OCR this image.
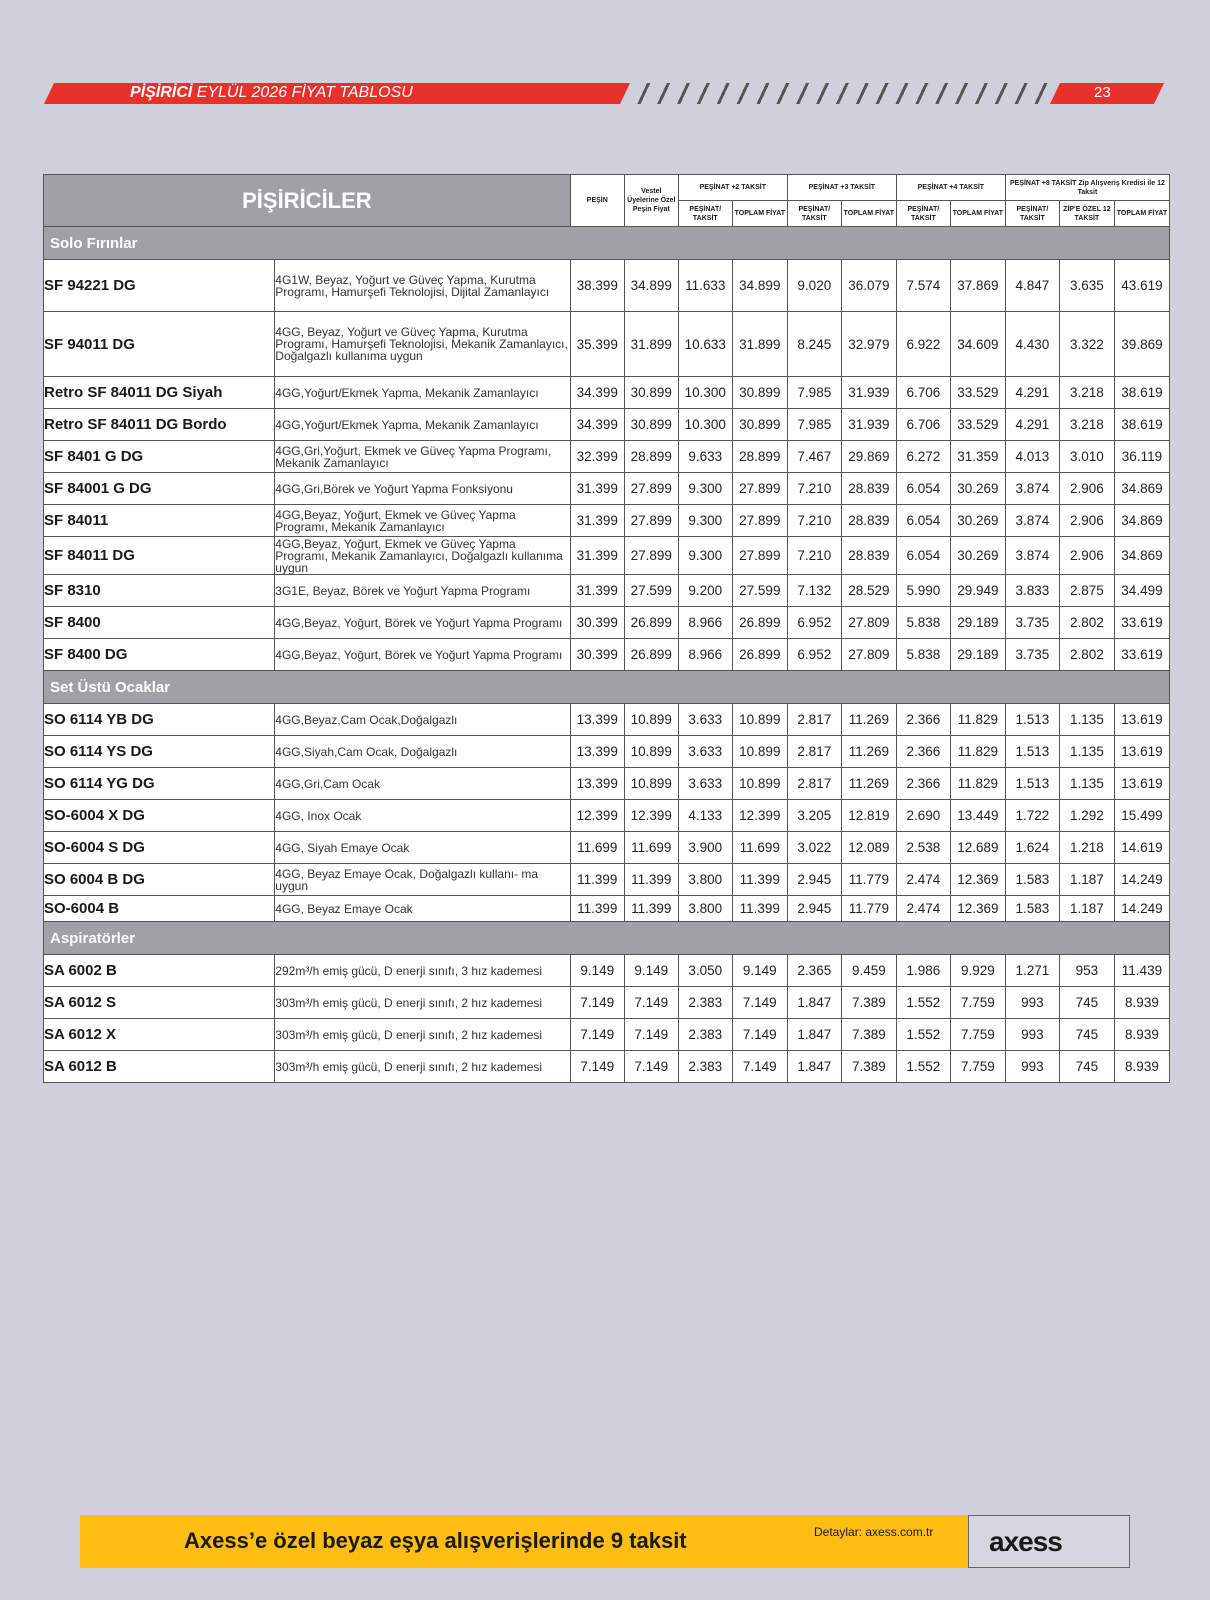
PİŞİRİCİ EYLÜL 2026 FİYAT TABLOSU	23
PİŞİRİCİLER		PEŞİN	Vestel Üyelerine Özel Peşin Fiyat	PEŞİNAT +2 TAKSİT		PEŞİNAT +3 TAKSİT		PEŞİNAT +4 TAKSİT		PEŞİNAT +8 TAKSİT Zip Alışveriş Kredisi ile 12 Taksit		
				PEŞİNAT/ TAKSİT	TOPLAM FİYAT	PEŞİNAT/ TAKSİT	TOPLAM FİYAT	PEŞİNAT/ TAKSİT	TOPLAM FİYAT	PEŞİNAT/ TAKSİT	ZİP'E ÖZEL 12 TAKSİT	TOPLAM FİYAT
Solo Fırınlar												
SF 94221 DG	4G1W, Beyaz, Yoğurt ve Güveç Yapma, Kurutma Programı, Hamurşefi Teknolojisi, Dijital Zamanlayıcı	38.399	34.899	11.633	34.899	9.020	36.079	7.574	37.869	4.847	3.635	43.619
SF 94011 DG	4GG, Beyaz, Yoğurt ve Güveç Yapma, Kurutma Programı, Hamurşefi Teknolojisi, Mekanik Zamanlayıcı, Doğalgazlı kullanıma uygun	35.399	31.899	10.633	31.899	8.245	32.979	6.922	34.609	4.430	3.322	39.869
Retro SF 84011 DG Siyah	4GG,Yoğurt/Ekmek Yapma, Mekanik Zamanlayıcı	34.399	30.899	10.300	30.899	7.985	31.939	6.706	33.529	4.291	3.218	38.619
Retro SF 84011 DG Bordo	4GG,Yoğurt/Ekmek Yapma, Mekanik Zamanlayıcı	34.399	30.899	10.300	30.899	7.985	31.939	6.706	33.529	4.291	3.218	38.619
SF 8401 G DG	4GG,Gri,Yoğurt, Ekmek ve Güveç Yapma Programı, Mekanik Zamanlayıcı	32.399	28.899	9.633	28.899	7.467	29.869	6.272	31.359	4.013	3.010	36.119
SF 84001 G DG	4GG,Gri,Börek ve Yoğurt Yapma Fonksiyonu	31.399	27.899	9.300	27.899	7.210	28.839	6.054	30.269	3.874	2.906	34.869
SF 84011	4GG,Beyaz, Yoğurt, Ekmek ve Güveç Yapma Programı, Mekanik Zamanlayıcı	31.399	27.899	9.300	27.899	7.210	28.839	6.054	30.269	3.874	2.906	34.869
SF 84011 DG	4GG,Beyaz, Yoğurt, Ekmek ve Güveç Yapma Programı, Mekanik Zamanlayıcı, Doğalgazlı kullanıma uygun	31.399	27.899	9.300	27.899	7.210	28.839	6.054	30.269	3.874	2.906	34.869
SF 8310	3G1E, Beyaz, Börek ve Yoğurt Yapma Programı	31.399	27.599	9.200	27.599	7.132	28.529	5.990	29.949	3.833	2.875	34.499
SF 8400	4GG,Beyaz, Yoğurt, Börek ve Yoğurt Yapma Programı	30.399	26.899	8.966	26.899	6.952	27.809	5.838	29.189	3.735	2.802	33.619
SF 8400 DG	4GG,Beyaz, Yoğurt, Börek ve Yoğurt Yapma Programı	30.399	26.899	8.966	26.899	6.952	27.809	5.838	29.189	3.735	2.802	33.619
Set Üstü Ocaklar												
SO 6114 YB DG	4GG,Beyaz,Cam Ocak,Doğalgazlı	13.399	10.899	3.633	10.899	2.817	11.269	2.366	11.829	1.513	1.135	13.619
SO 6114 YS DG	4GG,Siyah,Cam Ocak, Doğalgazlı	13.399	10.899	3.633	10.899	2.817	11.269	2.366	11.829	1.513	1.135	13.619
SO 6114 YG DG	4GG,Gri,Cam Ocak	13.399	10.899	3.633	10.899	2.817	11.269	2.366	11.829	1.513	1.135	13.619
SO-6004 X DG	4GG, Inox Ocak	12.399	12.399	4.133	12.399	3.205	12.819	2.690	13.449	1.722	1.292	15.499
SO-6004 S DG	4GG, Siyah Emaye Ocak	11.699	11.699	3.900	11.699	3.022	12.089	2.538	12.689	1.624	1.218	14.619
SO 6004 B DG	4GG, Beyaz Emaye Ocak, Doğalgazlı kullanı- ma uygun	11.399	11.399	3.800	11.399	2.945	11.779	2.474	12.369	1.583	1.187	14.249
SO-6004 B	4GG, Beyaz Emaye Ocak	11.399	11.399	3.800	11.399	2.945	11.779	2.474	12.369	1.583	1.187	14.249
Aspiratörler												
SA 6002 B	292m³/h emiş gücü, D enerji sınıfı, 3 hız kademesi	9.149	9.149	3.050	9.149	2.365	9.459	1.986	9.929	1.271	953	11.439
SA 6012 S	303m³/h emiş gücü, D enerji sınıfı, 2 hız kademesi	7.149	7.149	2.383	7.149	1.847	7.389	1.552	7.759	993	745	8.939
SA 6012 X	303m³/h emiş gücü, D enerji sınıfı, 2 hız kademesi	7.149	7.149	2.383	7.149	1.847	7.389	1.552	7.759	993	745	8.939
SA 6012 B	303m³/h emiş gücü, D enerji sınıfı, 2 hız kademesi	7.149	7.149	2.383	7.149	1.847	7.389	1.552	7.759	993	745	8.939
Axess’e özel beyaz eşya alışverişlerinde 9 taksit	Detaylar: axess.com.tr axess
